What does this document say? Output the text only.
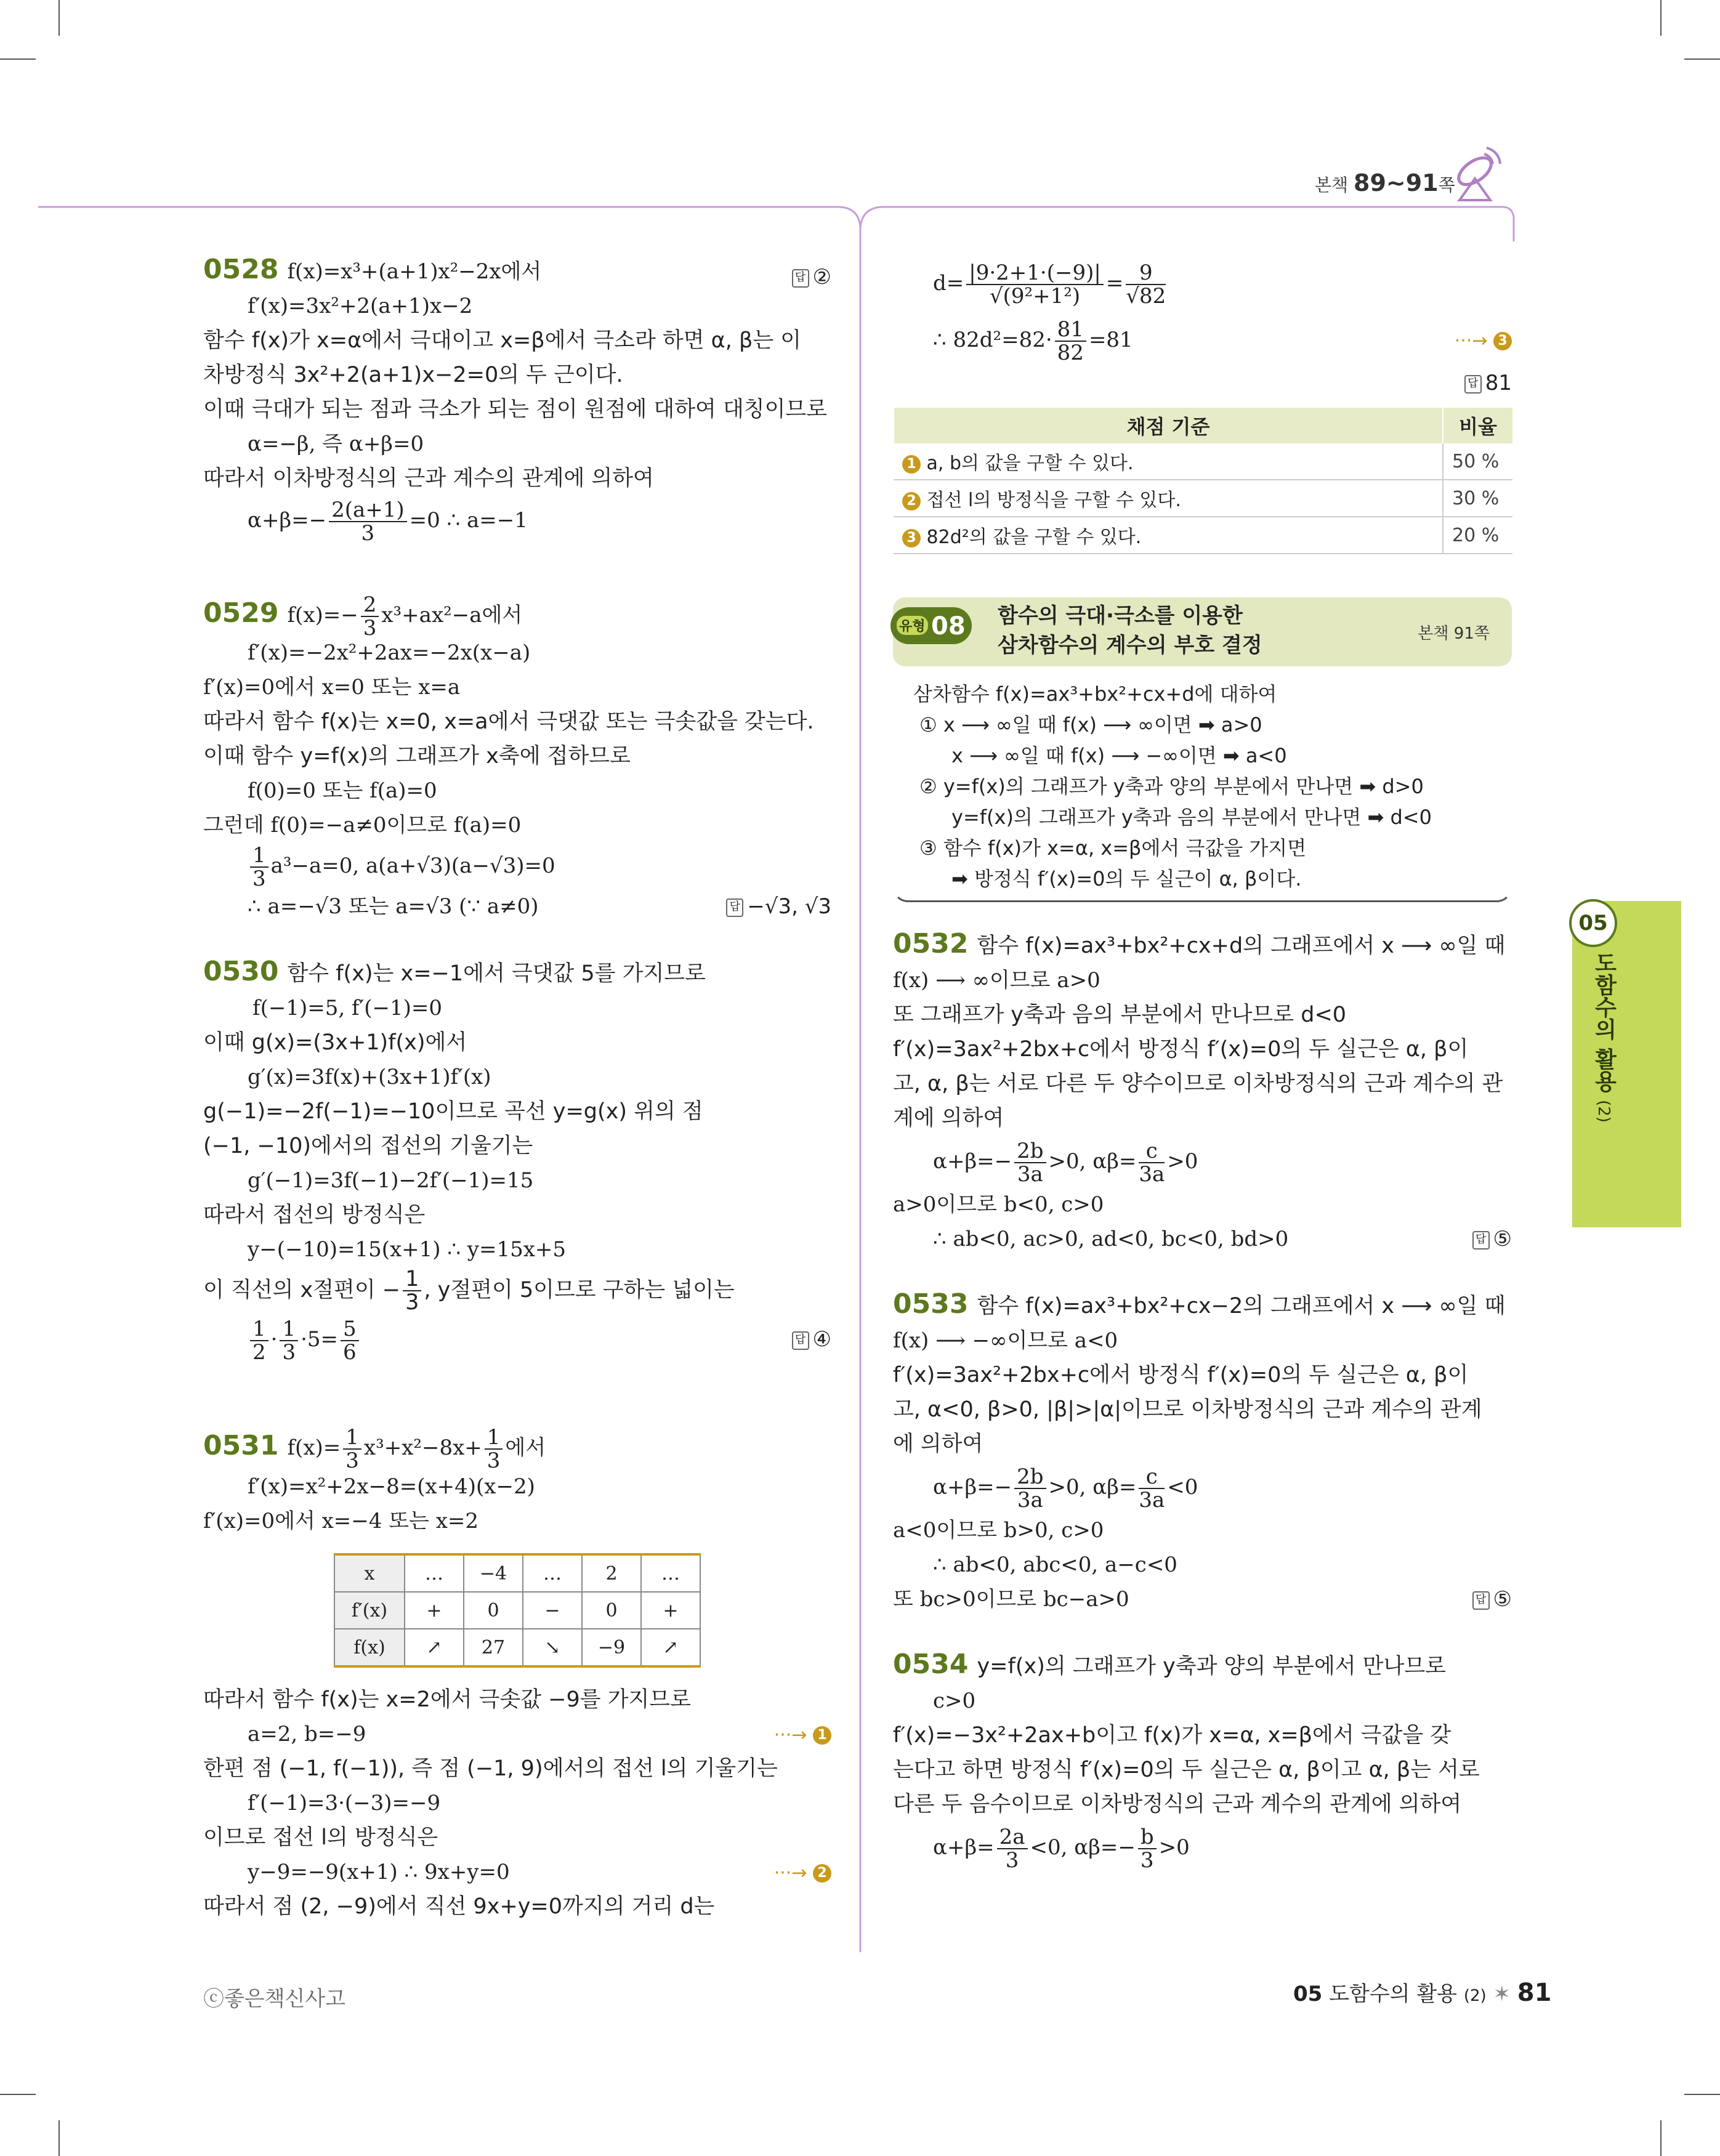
본책 89~91쪽
05
도함수의 활용 (2)
0528 f(x)=x³+(a+1)x²−2x에서
f′(x)=3x²+2(a+1)x−2
함수 f(x)가 x=α에서 극대이고 x=β에서 극소라 하면 α, β는 이
차방정식 3x²+2(a+1)x−2=0의 두 근이다.
이때 극대가 되는 점과 극소가 되는 점이 원점에 대하여 대칭이므로
α=−β, 즉 α+β=0
따라서 이차방정식의 근과 계수의 관계에 의하여
$\alpha+\beta=- \frac{2(a+1)}{3} =0$ ∴ a=−1
답 ②
0529 $f(x)=- \frac{2}{3} x^3+ax^2-a$에서
f′(x)=−2x²+2ax=−2x(x−a)
f′(x)=0에서 x=0 또는 x=a
따라서 함수 f(x)는 x=0, x=a에서 극댓값 또는 극솟값을 갖는다.
이때 함수 y=f(x)의 그래프가 x축에 접하므로
f(0)=0 또는 f(a)=0
그런데 f(0)=−a≠0이므로 f(a)=0
$\frac{1}{3} a^3-a=0$, a(a+√3)(a−√3)=0
∴ a=−√3 또는 a=√3 (∵ a≠0)	답 −√3, √3
0530 함수 f(x)는 x=−1에서 극댓값 5를 가지므로
f(−1)=5, f′(−1)=0
이때 g(x)=(3x+1)f(x)에서
g′(x)=3f(x)+(3x+1)f′(x)
g(−1)=−2f(−1)=−10이므로 곡선 y=g(x) 위의 점
(−1, −10)에서의 접선의 기울기는
g′(−1)=3f(−1)−2f′(−1)=15
따라서 접선의 방정식은
y−(−10)=15(x+1) ∴ y=15x+5
이 직선의 x절편이 − $\frac{1}{3}$ , y절편이 5이므로 구하는 넓이는
$\frac{1}{2} \cdot \frac{1}{3} \cdot 5= \frac{5}{6}$	답 ④
0531 $f(x)= \frac{1}{3} x^3+x^2-8x+ \frac{1}{3}$ 에서
f′(x)=x²+2x−8=(x+4)(x−2)
f′(x)=0에서 x=−4 또는 x=2
x	…	−4	…	2	…
f′(x)	+	0	−	0	+
f(x)	↗	27	↘	−9	↗
따라서 함수 f(x)는 x=2에서 극솟값 −9를 가지므로
a=2, b=−9	···→ 1
한편 점 (−1, f(−1)), 즉 점 (−1, 9)에서의 접선 l의 기울기는
f′(−1)=3·(−3)=−9
이므로 접선 l의 방정식은
y−9=−9(x+1) ∴ 9x+y=0	···→ 2
따라서 점 (2, −9)에서 직선 9x+y=0까지의 거리 d는
$d= \frac{|9\cdot 2+1\cdot(-9)|}{\text{√(9²+1²)}} = \frac{9}{√82}$
∴ $82d^2=82\cdot \frac{81}{82} =81$	···→ 3
답 81
채점 기준	비율
1 a, b의 값을 구할 수 있다.	50 %
2 접선 l의 방정식을 구할 수 있다.	30 %
3 82d²의 값을 구할 수 있다.	20 %
유형 08 함수의 극대·극소를 이용한
삼차함수의 계수의 부호 결정	본책 91쪽
삼차함수 f(x)=ax³+bx²+cx+d에 대하여
① x ⟶ ∞일 때 f(x) ⟶ ∞이면 ➡ a>0
x ⟶ ∞일 때 f(x) ⟶ −∞이면 ➡ a<0
② y=f(x)의 그래프가 y축과 양의 부분에서 만나면 ➡ d>0
y=f(x)의 그래프가 y축과 음의 부분에서 만나면 ➡ d<0
③ 함수 f(x)가 x=α, x=β에서 극값을 가지면
➡ 방정식 f′(x)=0의 두 실근이 α, β이다.
0532 함수 f(x)=ax³+bx²+cx+d의 그래프에서 x ⟶ ∞일 때
f(x) ⟶ ∞이므로 a>0
또 그래프가 y축과 음의 부분에서 만나므로 d<0
f′(x)=3ax²+2bx+c에서 방정식 f′(x)=0의 두 실근은 α, β이
고, α, β는 서로 다른 두 양수이므로 이차방정식의 근과 계수의 관
계에 의하여
$\alpha+\beta=- \frac{2b}{3a} >0$, $\alpha\beta= \frac{c}{3a} >0$
a>0이므로 b<0, c>0
∴ ab<0, ac>0, ad<0, bc<0, bd>0	답 ⑤
0533 함수 f(x)=ax³+bx²+cx−2의 그래프에서 x ⟶ ∞일 때
f(x) ⟶ −∞이므로 a<0
f′(x)=3ax²+2bx+c에서 방정식 f′(x)=0의 두 실근은 α, β이
고, α<0, β>0, |β|>|α|이므로 이차방정식의 근과 계수의 관계
에 의하여
$\alpha+\beta=- \frac{2b}{3a} >0$, $\alpha\beta= \frac{c}{3a} <0$
a<0이므로 b>0, c>0
∴ ab<0, abc<0, a−c<0
또 bc>0이므로 bc−a>0	답 ⑤
0534 y=f(x)의 그래프가 y축과 양의 부분에서 만나므로
c>0
f′(x)=−3x²+2ax+b이고 f(x)가 x=α, x=β에서 극값을 갖
는다고 하면 방정식 f′(x)=0의 두 실근은 α, β이고 α, β는 서로
다른 두 음수이므로 이차방정식의 근과 계수의 관계에 의하여
$\alpha+\beta= \frac{2a}{3} <0$, $\alpha\beta=- \frac{b}{3} >0$
ⓒ좋은책신사고	05 도함수의 활용 (2) ✶ 81
